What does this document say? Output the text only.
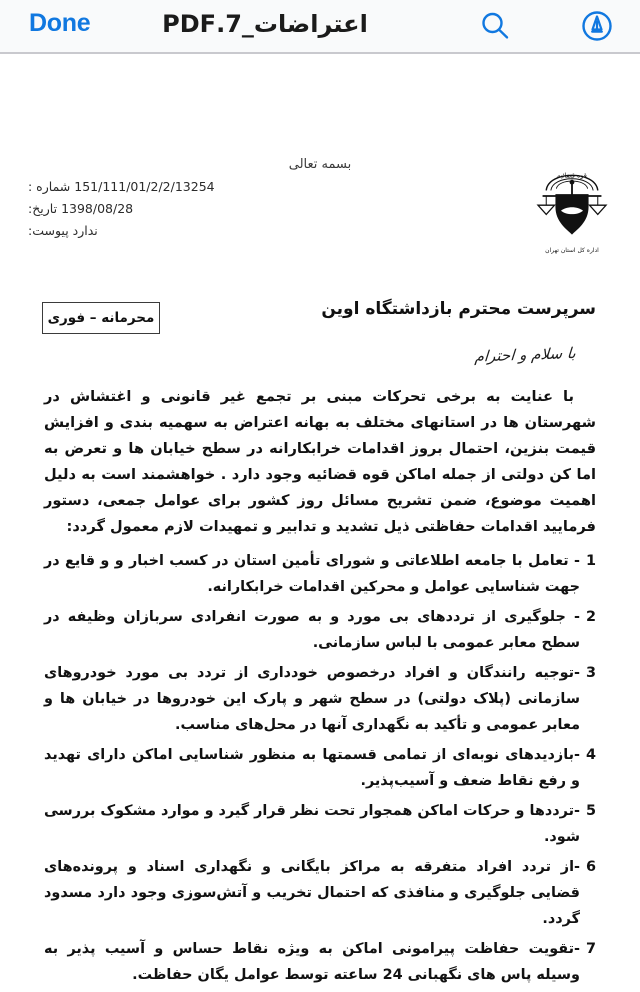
Done	اعتراضات_7.PDF
بسمه تعالی
151/111/01/2/2/13254 شماره :
1398/08/28 تاریخ:
ندارد پیوست:
قوه قضائیه
اداره کل استان تهران
سرپرست محترم بازداشتگاه اوین
محرمانه – فوری
با سلام و احترام

با عنایت به برخی تحرکات مبنی بر تجمع غیر قانونی و اغتشاش در شهرستان ها در استانهای مختلف به بهانه اعتراض به سهمیه بندی و افزایش قیمت بنزین، احتمال بروز اقدامات خرابکارانه در سطح خیابان ها و تعرض به اما کن دولتی از جمله اماکن قوه قضائیه وجود دارد . خواهشمند است به دلیل اهمیت موضوع، ضمن تشریح مسائل روز کشور برای عوامل جمعی، دستور فرمایید اقدامات حفاظتی ذیل تشدید و تدابیر و تمهیدات لازم معمول گردد:

1
- تعامل با جامعه اطلاعاتی و شورای تأمین استان در کسب اخبار و و قایع در جهت شناسایی عوامل و محرکین اقدامات خرابکارانه.
2
- جلوگیری از ترددهای بی مورد و به صورت انفرادی سربازان وظیفه در سطح معابر عمومی با لباس سازمانی.
3
-توجیه رانندگان و افراد درخصوص خودداری از تردد بی مورد خودروهای سازمانی (پلاک دولتی) در سطح شهر و پارک این خودروها در خیابان ها و معابر عمومی و تأکید به نگهداری آنها در محل‌های مناسب.
4
-بازدیدهای نوبه‌ای از تمامی قسمتها به منظور شناسایی اماکن دارای تهدید و رفع نقاط ضعف و آسیب‌پذیر.
5
-ترددها و حرکات اماکن همجوار تحت نظر قرار گیرد و موارد مشکوک بررسی شود.
6
-از تردد افراد متفرقه به مراکز بایگانی و نگهداری اسناد و پرونده‌های قضایی جلوگیری و منافذی که احتمال تخریب و آتش‌سوزی وجود دارد مسدود گردد.
7
-تقویت حفاظت پیرامونی اماکن به ویژه نقاط حساس و آسیب پذیر به وسیله پاس های نگهبانی 24 ساعته توسط عوامل یگان حفاظت.
